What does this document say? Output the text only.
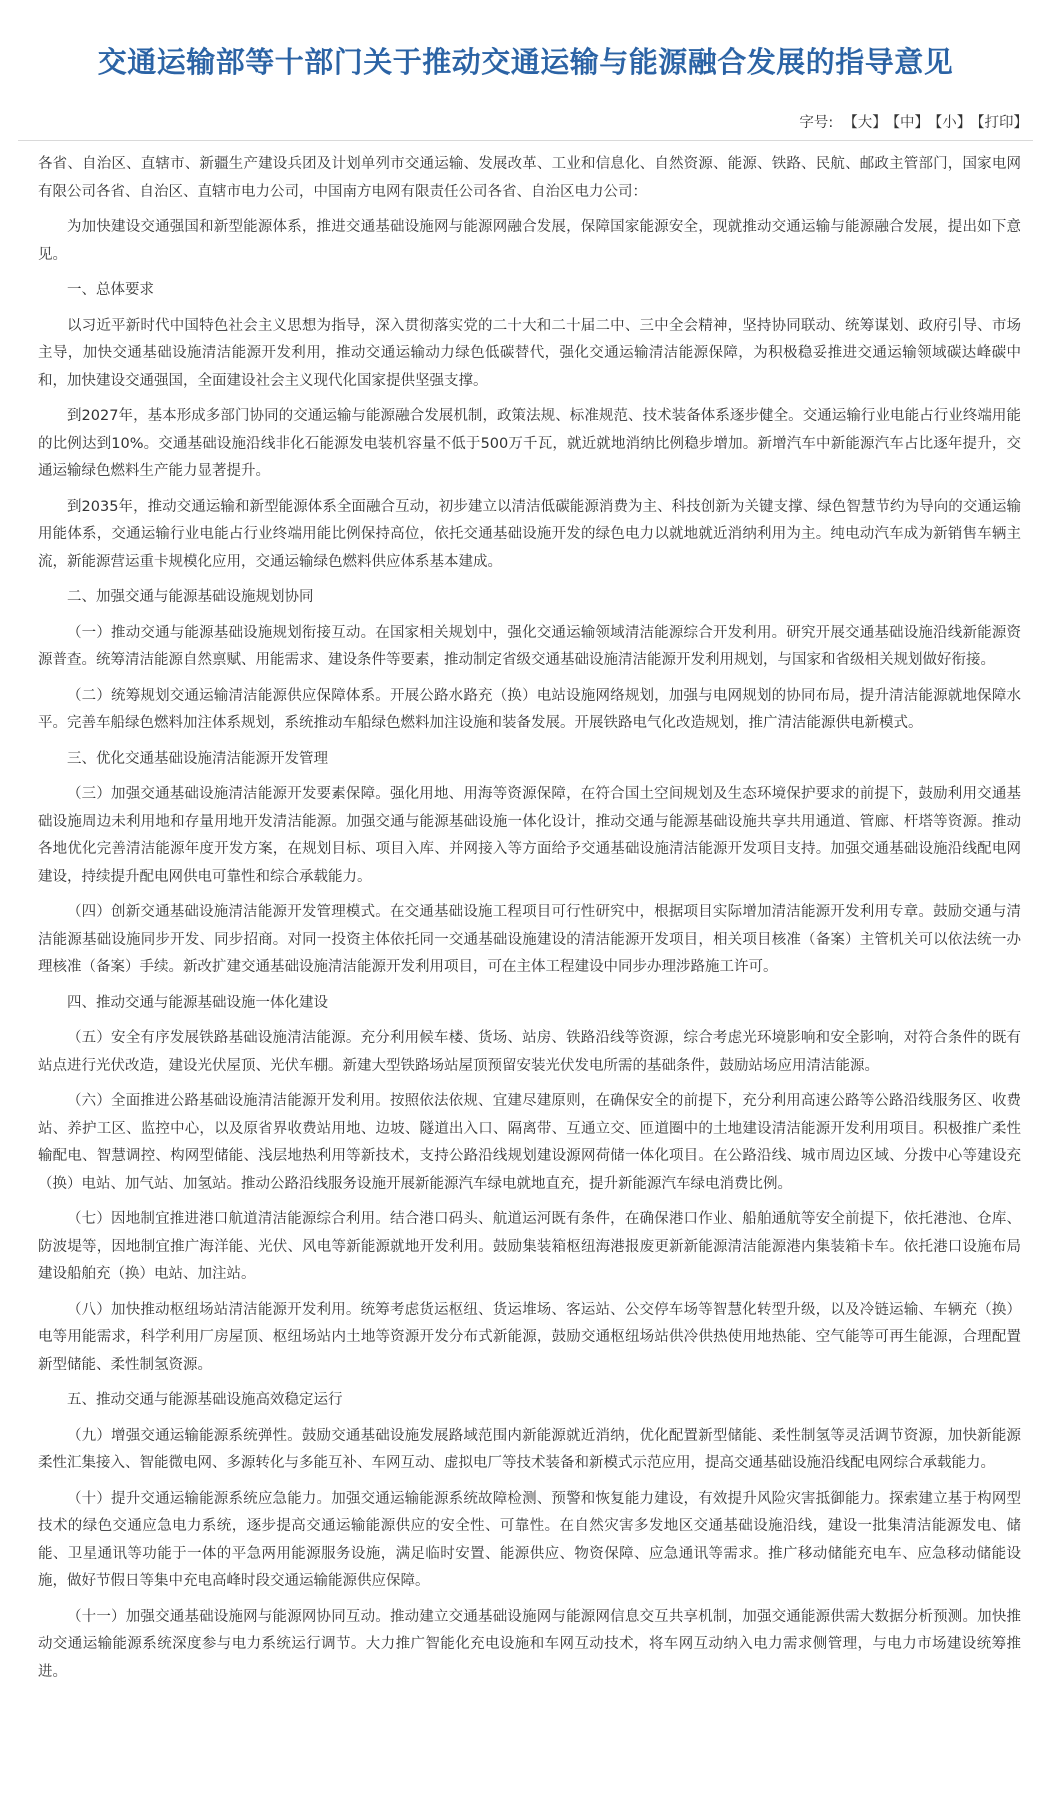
交通运输部等十部门关于推动交通运输与能源融合发展的指导意见
字号: 【大】 【中】 【小】 【打印】

各省、自治区、直辖市、新疆生产建设兵团及计划单列市交通运输、发展改革、工业和信息化、自然资源、能源、铁路、民航、邮政主管部门，国家电网有限公司各省、自治区、直辖市电力公司，中国南方电网有限责任公司各省、自治区电力公司：

为加快建设交通强国和新型能源体系，推进交通基础设施网与能源网融合发展，保障国家能源安全，现就推动交通运输与能源融合发展，提出如下意见。

一、总体要求

以习近平新时代中国特色社会主义思想为指导，深入贯彻落实党的二十大和二十届二中、三中全会精神，坚持协同联动、统筹谋划、政府引导、市场主导，加快交通基础设施清洁能源开发利用，推动交通运输动力绿色低碳替代，强化交通运输清洁能源保障，为积极稳妥推进交通运输领域碳达峰碳中和，加快建设交通强国，全面建设社会主义现代化国家提供坚强支撑。

到2027年，基本形成多部门协同的交通运输与能源融合发展机制，政策法规、标准规范、技术装备体系逐步健全。交通运输行业电能占行业终端用能的比例达到10%。交通基础设施沿线非化石能源发电装机容量不低于500万千瓦，就近就地消纳比例稳步增加。新增汽车中新能源汽车占比逐年提升，交通运输绿色燃料生产能力显著提升。

到2035年，推动交通运输和新型能源体系全面融合互动，初步建立以清洁低碳能源消费为主、科技创新为关键支撑、绿色智慧节约为导向的交通运输用能体系，交通运输行业电能占行业终端用能比例保持高位，依托交通基础设施开发的绿色电力以就地就近消纳利用为主。纯电动汽车成为新销售车辆主流，新能源营运重卡规模化应用，交通运输绿色燃料供应体系基本建成。

二、加强交通与能源基础设施规划协同

（一）推动交通与能源基础设施规划衔接互动。在国家相关规划中，强化交通运输领域清洁能源综合开发利用。研究开展交通基础设施沿线新能源资源普查。统筹清洁能源自然禀赋、用能需求、建设条件等要素，推动制定省级交通基础设施清洁能源开发利用规划，与国家和省级相关规划做好衔接。

（二）统筹规划交通运输清洁能源供应保障体系。开展公路水路充（换）电站设施网络规划，加强与电网规划的协同布局，提升清洁能源就地保障水平。完善车船绿色燃料加注体系规划，系统推动车船绿色燃料加注设施和装备发展。开展铁路电气化改造规划，推广清洁能源供电新模式。

三、优化交通基础设施清洁能源开发管理

（三）加强交通基础设施清洁能源开发要素保障。强化用地、用海等资源保障，在符合国土空间规划及生态环境保护要求的前提下，鼓励利用交通基础设施周边未利用地和存量用地开发清洁能源。加强交通与能源基础设施一体化设计，推动交通与能源基础设施共享共用通道、管廊、杆塔等资源。推动各地优化完善清洁能源年度开发方案，在规划目标、项目入库、并网接入等方面给予交通基础设施清洁能源开发项目支持。加强交通基础设施沿线配电网建设，持续提升配电网供电可靠性和综合承载能力。

（四）创新交通基础设施清洁能源开发管理模式。在交通基础设施工程项目可行性研究中，根据项目实际增加清洁能源开发利用专章。鼓励交通与清洁能源基础设施同步开发、同步招商。对同一投资主体依托同一交通基础设施建设的清洁能源开发项目，相关项目核准（备案）主管机关可以依法统一办理核准（备案）手续。新改扩建交通基础设施清洁能源开发利用项目，可在主体工程建设中同步办理涉路施工许可。

四、推动交通与能源基础设施一体化建设

（五）安全有序发展铁路基础设施清洁能源。充分利用候车楼、货场、站房、铁路沿线等资源，综合考虑光环境影响和安全影响，对符合条件的既有站点进行光伏改造，建设光伏屋顶、光伏车棚。新建大型铁路场站屋顶预留安装光伏发电所需的基础条件，鼓励站场应用清洁能源。

（六）全面推进公路基础设施清洁能源开发利用。按照依法依规、宜建尽建原则，在确保安全的前提下，充分利用高速公路等公路沿线服务区、收费站、养护工区、监控中心，以及原省界收费站用地、边坡、隧道出入口、隔离带、互通立交、匝道圈中的土地建设清洁能源开发利用项目。积极推广柔性输配电、智慧调控、构网型储能、浅层地热利用等新技术，支持公路沿线规划建设源网荷储一体化项目。在公路沿线、城市周边区域、分拨中心等建设充（换）电站、加气站、加氢站。推动公路沿线服务设施开展新能源汽车绿电就地直充，提升新能源汽车绿电消费比例。

（七）因地制宜推进港口航道清洁能源综合利用。结合港口码头、航道运河既有条件，在确保港口作业、船舶通航等安全前提下，依托港池、仓库、防波堤等，因地制宜推广海洋能、光伏、风电等新能源就地开发利用。鼓励集装箱枢纽海港报废更新新能源清洁能源港内集装箱卡车。依托港口设施布局建设船舶充（换）电站、加注站。

（八）加快推动枢纽场站清洁能源开发利用。统筹考虑货运枢纽、货运堆场、客运站、公交停车场等智慧化转型升级，以及冷链运输、车辆充（换）电等用能需求，科学利用厂房屋顶、枢纽场站内土地等资源开发分布式新能源，鼓励交通枢纽场站供冷供热使用地热能、空气能等可再生能源，合理配置新型储能、柔性制氢资源。

五、推动交通与能源基础设施高效稳定运行

（九）增强交通运输能源系统弹性。鼓励交通基础设施发展路域范围内新能源就近消纳，优化配置新型储能、柔性制氢等灵活调节资源，加快新能源柔性汇集接入、智能微电网、多源转化与多能互补、车网互动、虚拟电厂等技术装备和新模式示范应用，提高交通基础设施沿线配电网综合承载能力。

（十）提升交通运输能源系统应急能力。加强交通运输能源系统故障检测、预警和恢复能力建设，有效提升风险灾害抵御能力。探索建立基于构网型技术的绿色交通应急电力系统，逐步提高交通运输能源供应的安全性、可靠性。在自然灾害多发地区交通基础设施沿线，建设一批集清洁能源发电、储能、卫星通讯等功能于一体的平急两用能源服务设施，满足临时安置、能源供应、物资保障、应急通讯等需求。推广移动储能充电车、应急移动储能设施，做好节假日等集中充电高峰时段交通运输能源供应保障。

（十一）加强交通基础设施网与能源网协同互动。推动建立交通基础设施网与能源网信息交互共享机制，加强交通能源供需大数据分析预测。加快推动交通运输能源系统深度参与电力系统运行调节。大力推广智能化充电设施和车网互动技术，将车网互动纳入电力需求侧管理，与电力市场建设统筹推进。
